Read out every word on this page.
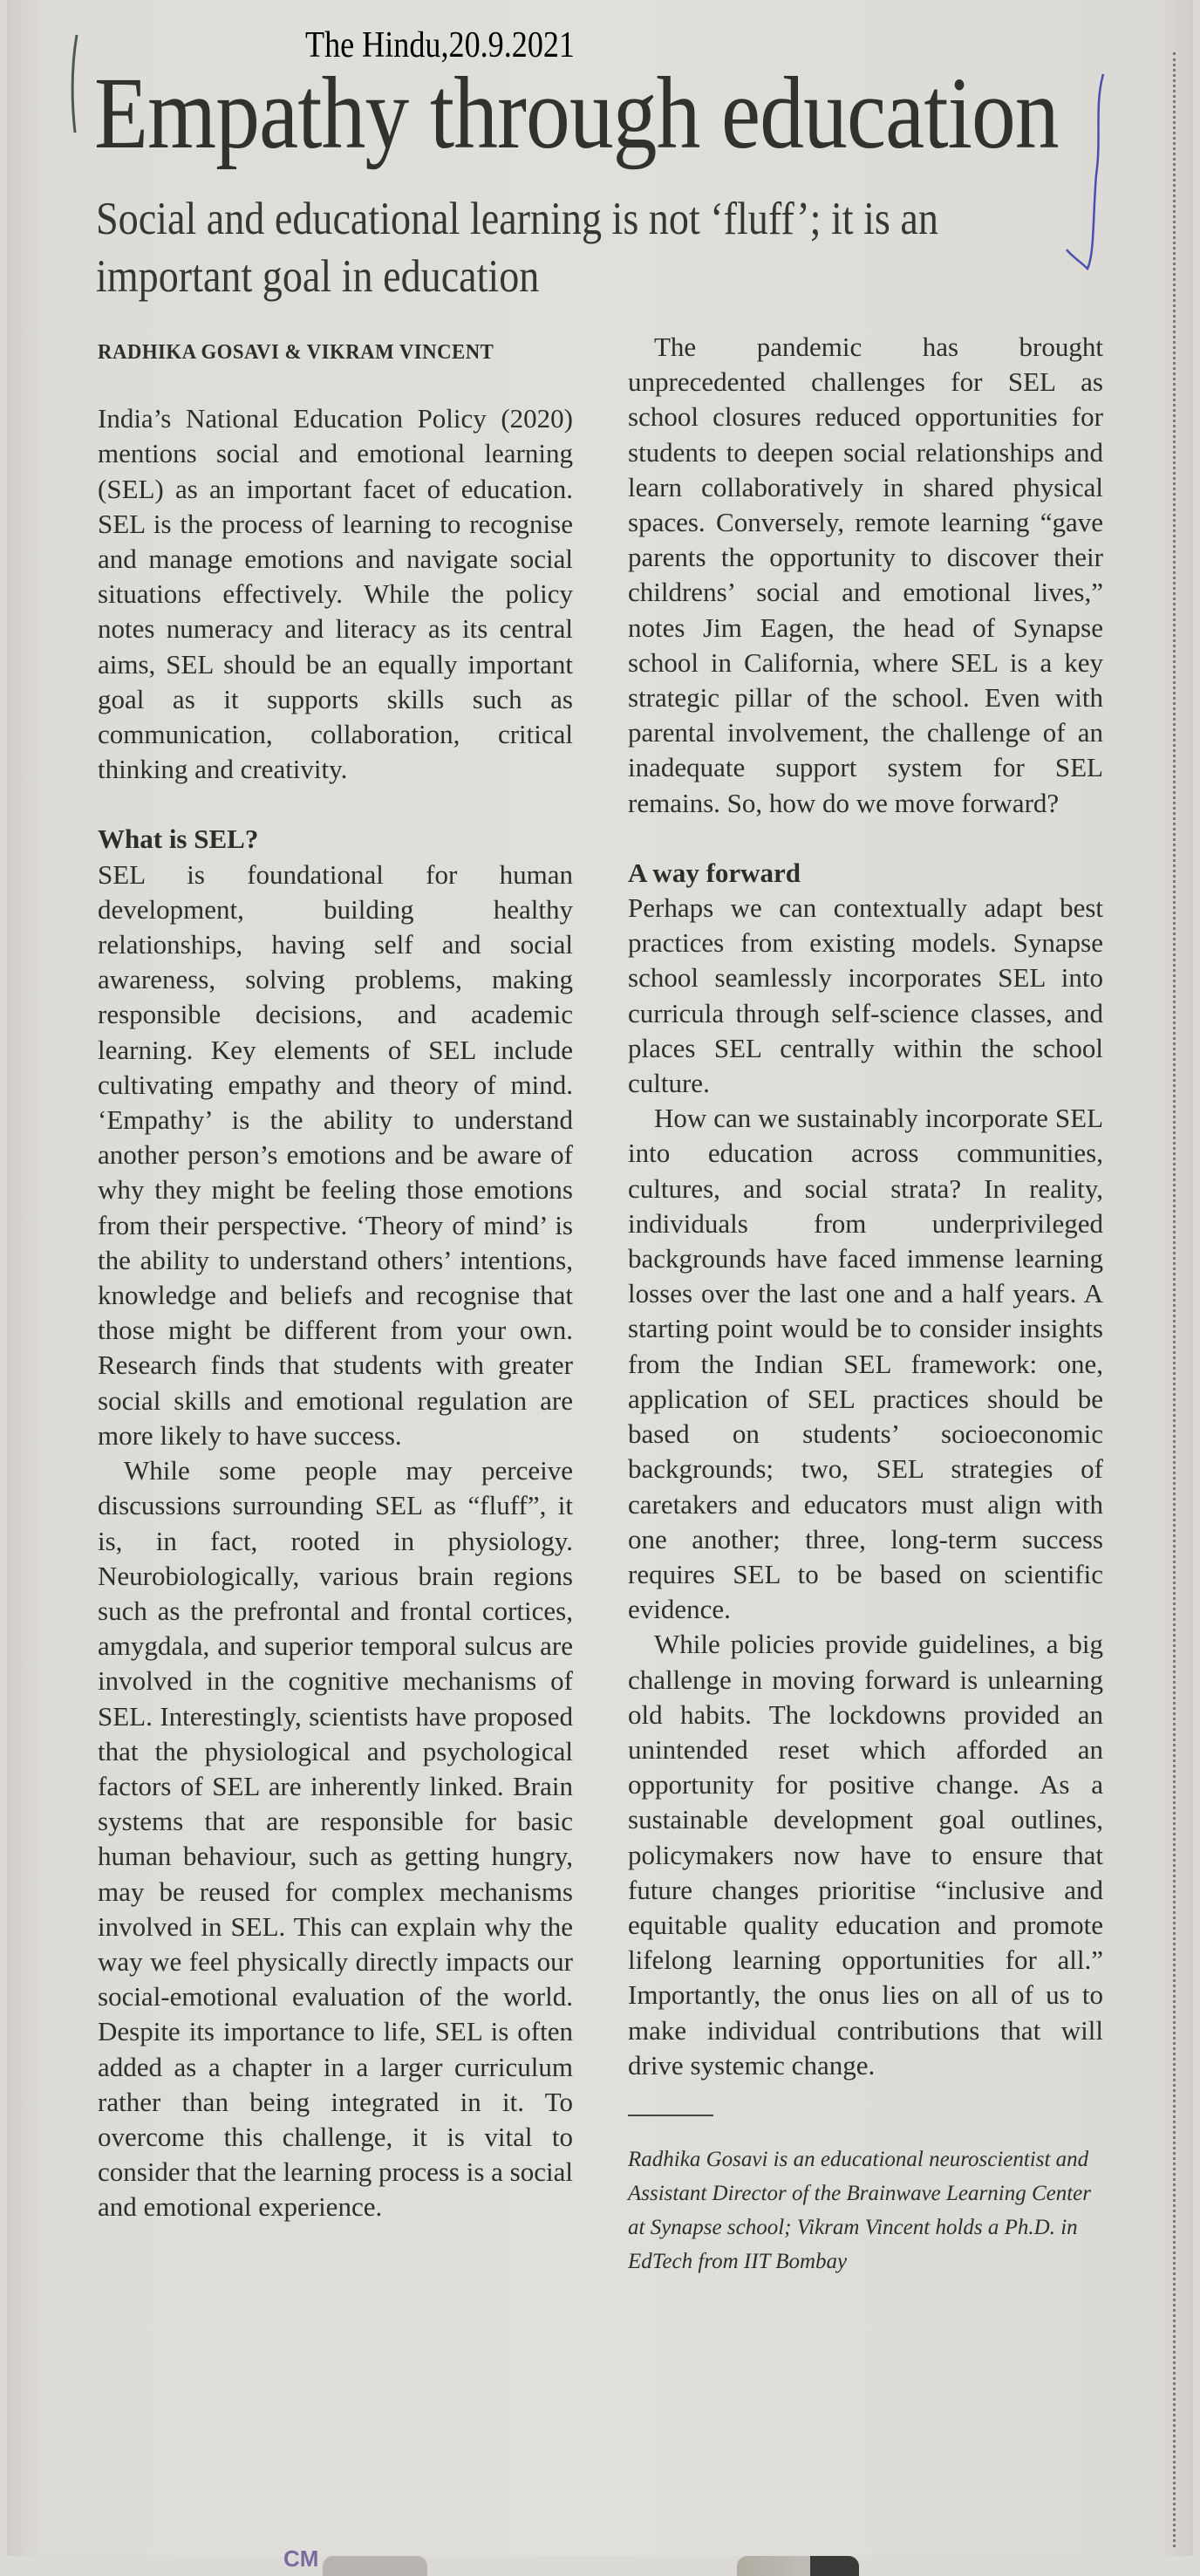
The Hindu,20.9.2021
Empathy through education
Social and educational learning is not ‘fluff’; it is an important goal in education
RADHIKA GOSAVI & VIKRAM VINCENT

India’s National Education Policy (2020) mentions social and emotional learning (SEL) as an important facet of education. SEL is the process of learning to recognise and manage emotions and navigate social situations effectively. While the policy notes numeracy and literacy as its central aims, SEL should be an equally important goal as it supports skills such as communication, collaboration, critical thinking and creativity.

What is SEL?

SEL is foundational for human development, building healthy relationships, having self and social awareness, solving problems, making responsible decisions, and academic learning. Key elements of SEL include cultivating empathy and theory of mind. ‘Empathy’ is the ability to understand another person’s emotions and be aware of why they might be feeling those emotions from their perspective. ‘Theory of mind’ is the ability to understand others’ intentions, knowledge and beliefs and recognise that those might be different from your own. Research finds that students with greater social skills and emotional regulation are more likely to have success.

While some people may perceive discussions surrounding SEL as “fluff”, it is, in fact, rooted in physiology. Neurobiologically, various brain regions such as the prefrontal and frontal cortices, amygdala, and superior temporal sulcus are involved in the cognitive mechanisms of SEL. Interestingly, scientists have proposed that the physiological and psychological factors of SEL are inherently linked. Brain systems that are responsible for basic human behaviour, such as getting hungry, may be reused for complex mechanisms involved in SEL. This can explain why the way we feel physically directly impacts our social-emotional evaluation of the world. Despite its importance to life, SEL is often added as a chapter in a larger curriculum rather than being integrated in it. To overcome this challenge, it is vital to consider that the learning process is a social and emotional experience.

The pandemic has brought unprecedented challenges for SEL as school closures reduced opportunities for students to deepen social relationships and learn collaboratively in shared physical spaces. Conversely, remote learning “gave parents the opportunity to discover their childrens’ social and emotional lives,” notes Jim Eagen, the head of Synapse school in California, where SEL is a key strategic pillar of the school. Even with parental involvement, the challenge of an inadequate support system for SEL remains. So, how do we move forward?

A way forward

Perhaps we can contextually adapt best practices from existing models. Synapse school seamlessly incorporates SEL into curricula through self-science classes, and places SEL centrally within the school culture.

How can we sustainably incorporate SEL into education across communities, cultures, and social strata? In reality, individuals from underprivileged backgrounds have faced immense learning losses over the last one and a half years. A starting point would be to consider insights from the Indian SEL framework: one, application of SEL practices should be based on students’ socioeconomic backgrounds; two, SEL strategies of caretakers and educators must align with one another; three, long-term success requires SEL to be based on scientific evidence.

While policies provide guidelines, a big challenge in moving forward is unlearning old habits. The lockdowns provided an unintended reset which afforded an opportunity for positive change. As a sustainable development goal outlines, policymakers now have to ensure that future changes prioritise “inclusive and equitable quality education and promote lifelong learning opportunities for all.” Importantly, the onus lies on all of us to make individual contributions that will drive systemic change.

Radhika Gosavi is an educational neuroscientist and Assistant Director of the Brainwave Learning Center at Synapse school; Vikram Vincent holds a Ph.D. in EdTech from IIT Bombay
CM
